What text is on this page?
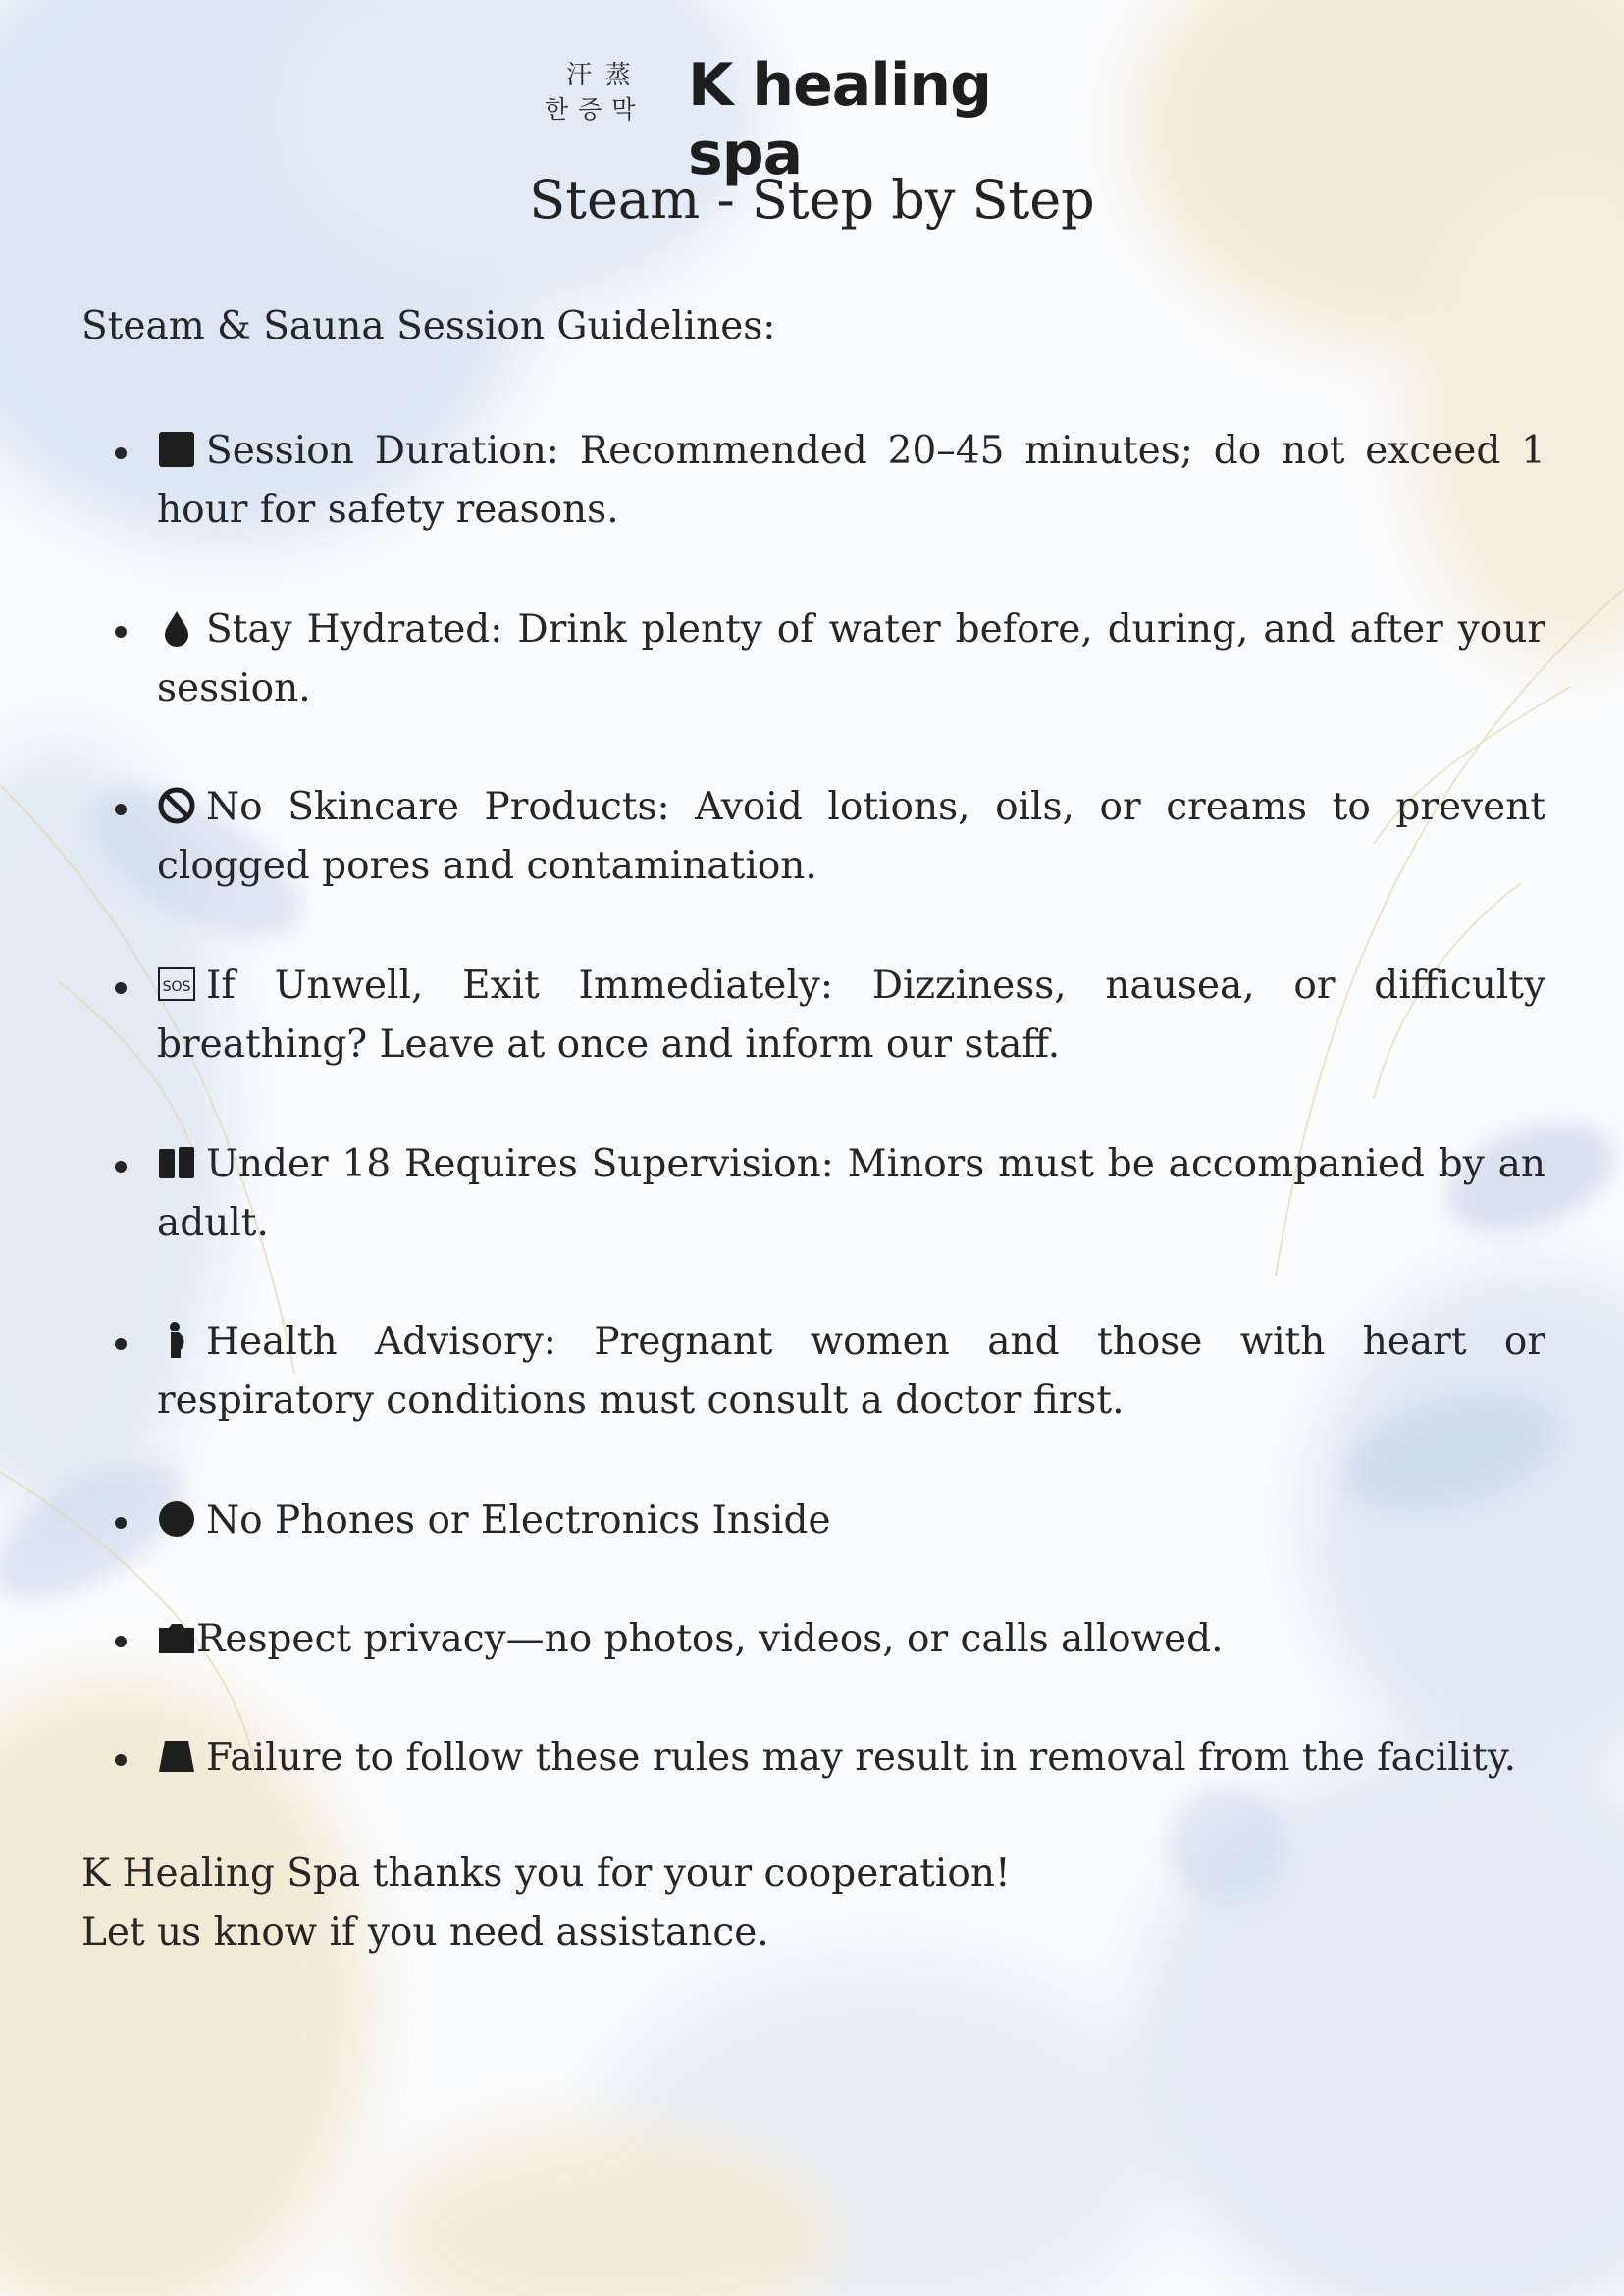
汗蒸
한증막 K healing spa
Steam - Step by Step
Steam & Sauna Session Guidelines:
Session Duration: Recommended 20–45 minutes; do not exceed 1 hour for safety reasons.
Stay Hydrated: Drink plenty of water before, during, and after your session.
No Skincare Products: Avoid lotions, oils, or creams to prevent clogged pores and contamination.
SOS If Unwell, Exit Immediately: Dizziness, nausea, or difficulty breathing? Leave at once and inform our staff.
Under 18 Requires Supervision: Minors must be accompanied by an adult.
Health Advisory: Pregnant women and those with heart or respiratory conditions must consult a doctor first.
No Phones or Electronics Inside
Respect privacy—no photos, videos, or calls allowed.
Failure to follow these rules may result in removal from the facility.
K Healing Spa thanks you for your cooperation!
Let us know if you need assistance.
